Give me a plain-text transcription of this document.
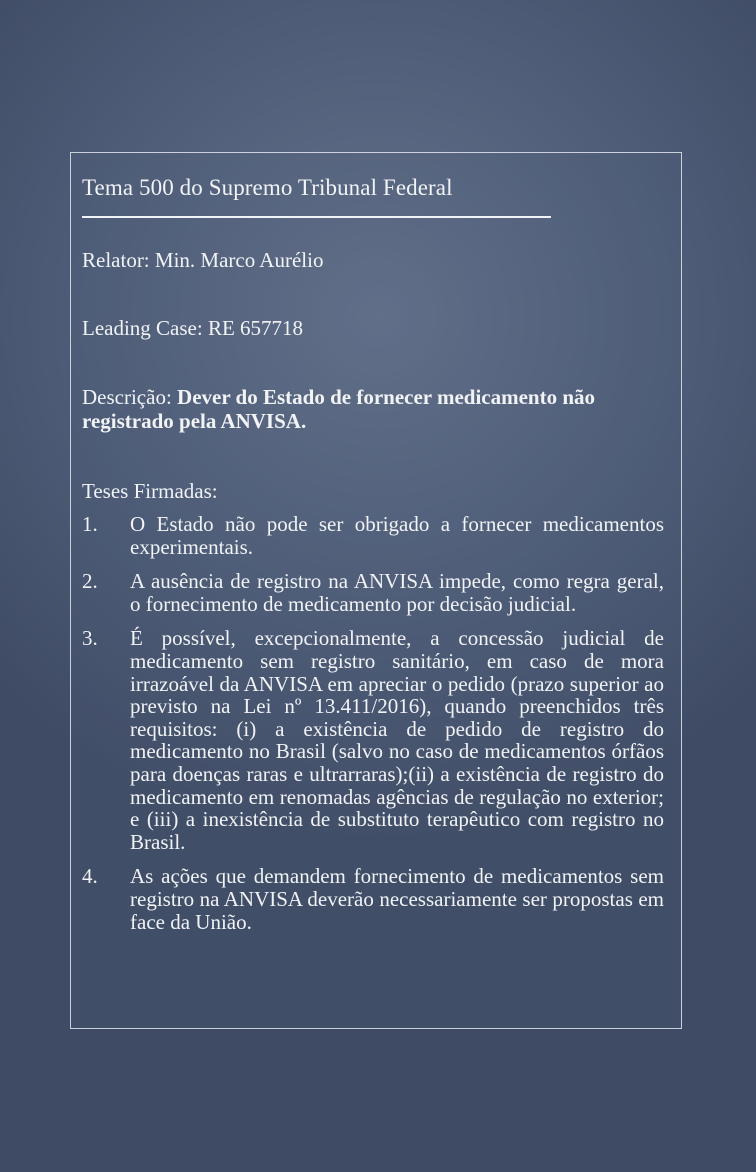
Tema 500 do Supremo Tribunal Federal

Relator: Min. Marco Aurélio

Leading Case: RE 657718

Descrição: Dever do Estado de fornecer medicamento não registrado pela ANVISA.

Teses Firmadas:

1. O Estado não pode ser obrigado a fornecer medicamentos experimentais.
2. A ausência de registro na ANVISA impede, como regra geral, o fornecimento de medicamento por decisão judicial.
3. É possível, excepcionalmente, a concessão judicial de medicamento sem registro sanitário, em caso de mora irrazoável da ANVISA em apreciar o pedido (prazo superior ao previsto na Lei nº 13.411/2016), quando preenchidos três requisitos: (i) a existência de pedido de registro do medicamento no Brasil (salvo no caso de medicamentos órfãos para doenças raras e ultrarraras);(ii) a existência de registro do medicamento em renomadas agências de regulação no exterior; e (iii) a inexistência de substituto terapêutico com registro no Brasil.
4. As ações que demandem fornecimento de medicamentos sem registro na ANVISA deverão necessariamente ser propostas em face da União.
